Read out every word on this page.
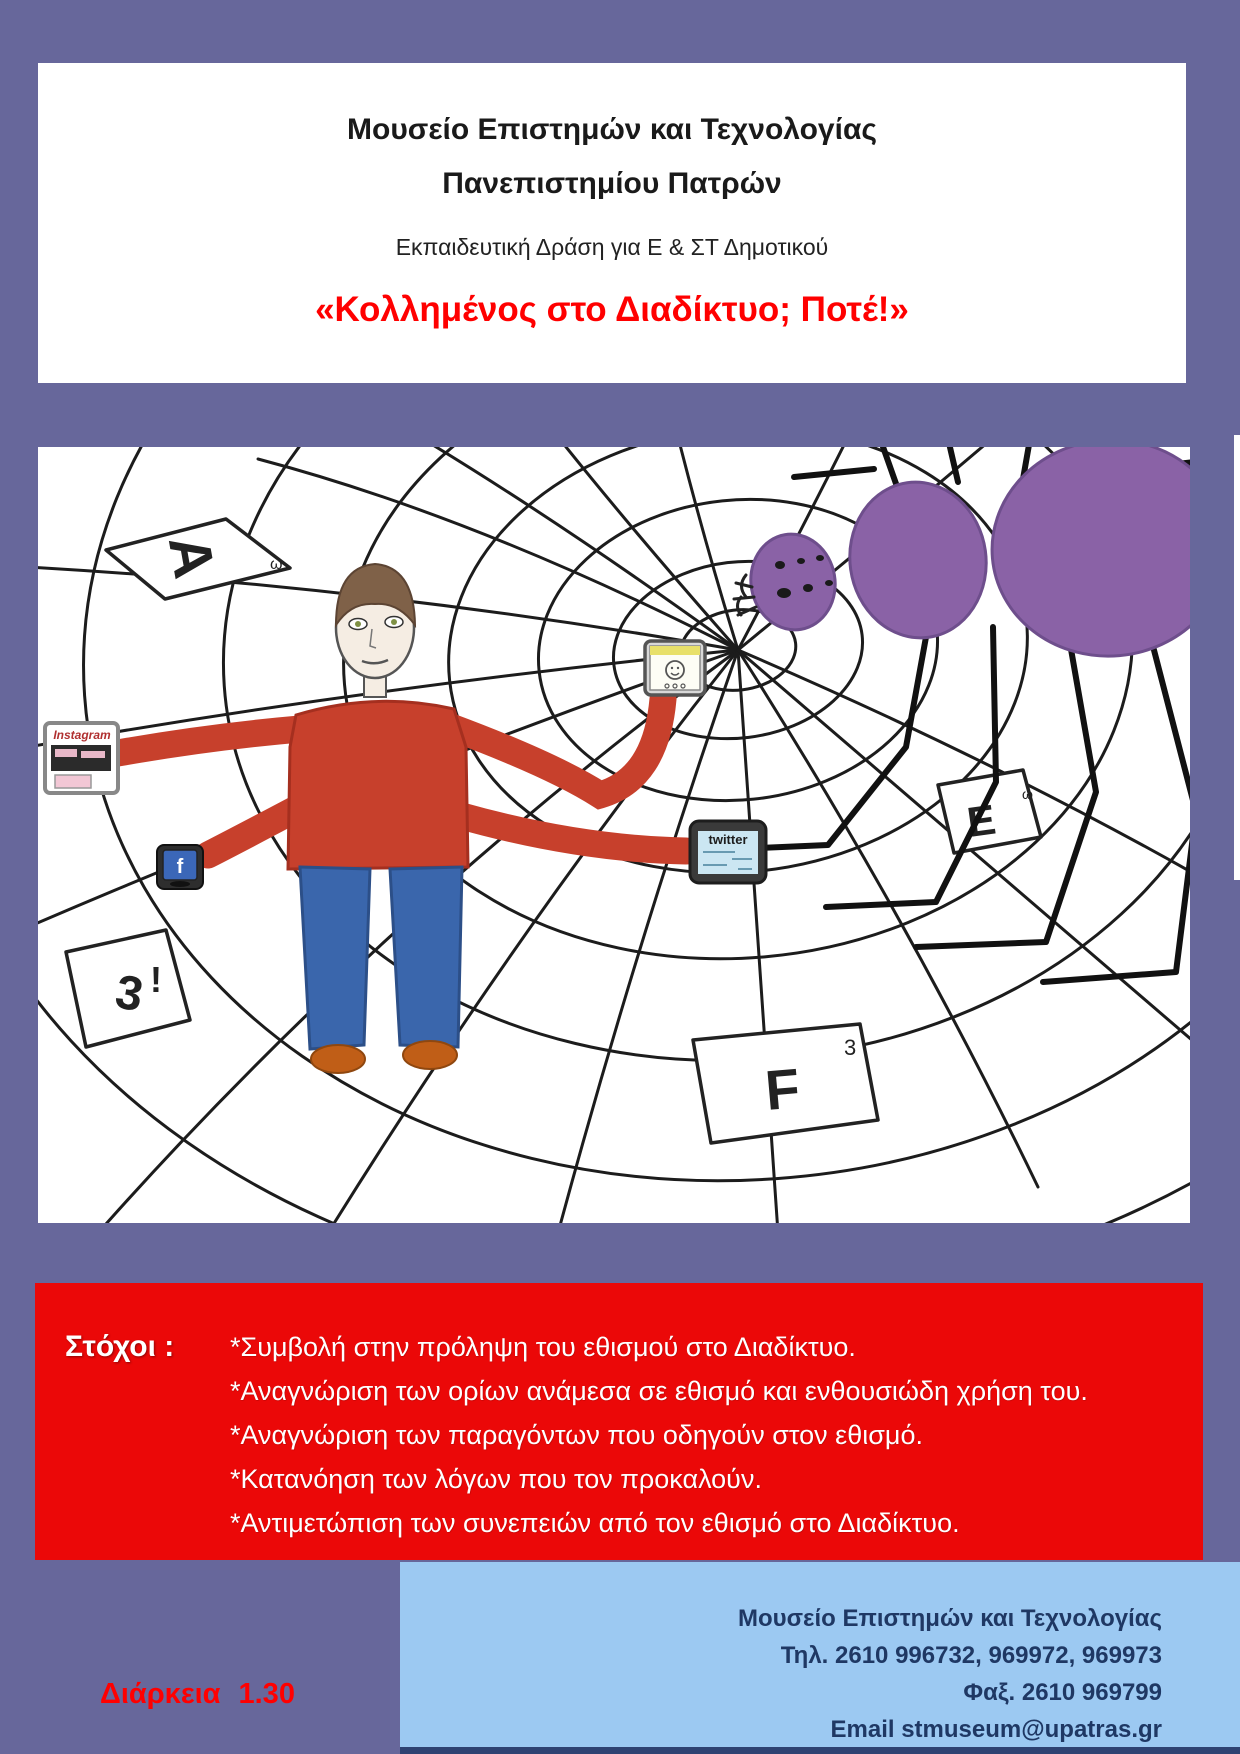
Μουσείο Επιστημών και Τεχνολογίας
Πανεπιστημίου Πατρών
Εκπαιδευτική Δράση για Ε & ΣΤ Δημοτικού
«Κολλημένος στο Διαδίκτυο; Ποτέ!»
A	ω
3 !
F
3
E
ω
Instagram
f
twitter
Στόχοι :	*Συμβολή στην πρόληψη του εθισμού στο Διαδίκτυο.
*Αναγνώριση των ορίων ανάμεσα σε εθισμό και ενθουσιώδη χρήση του.
*Αναγνώριση των παραγόντων που οδηγούν στον εθισμό.
*Κατανόηση των λόγων που τον προκαλούν.
*Αντιμετώπιση των συνεπειών από τον εθισμό στο Διαδίκτυο.
Διάρκεια 1.30
Μουσείο Επιστημών και Τεχνολογίας
Τηλ. 2610 996732, 969972, 969973
Φαξ. 2610 969799
Email stmuseum@upatras.gr
